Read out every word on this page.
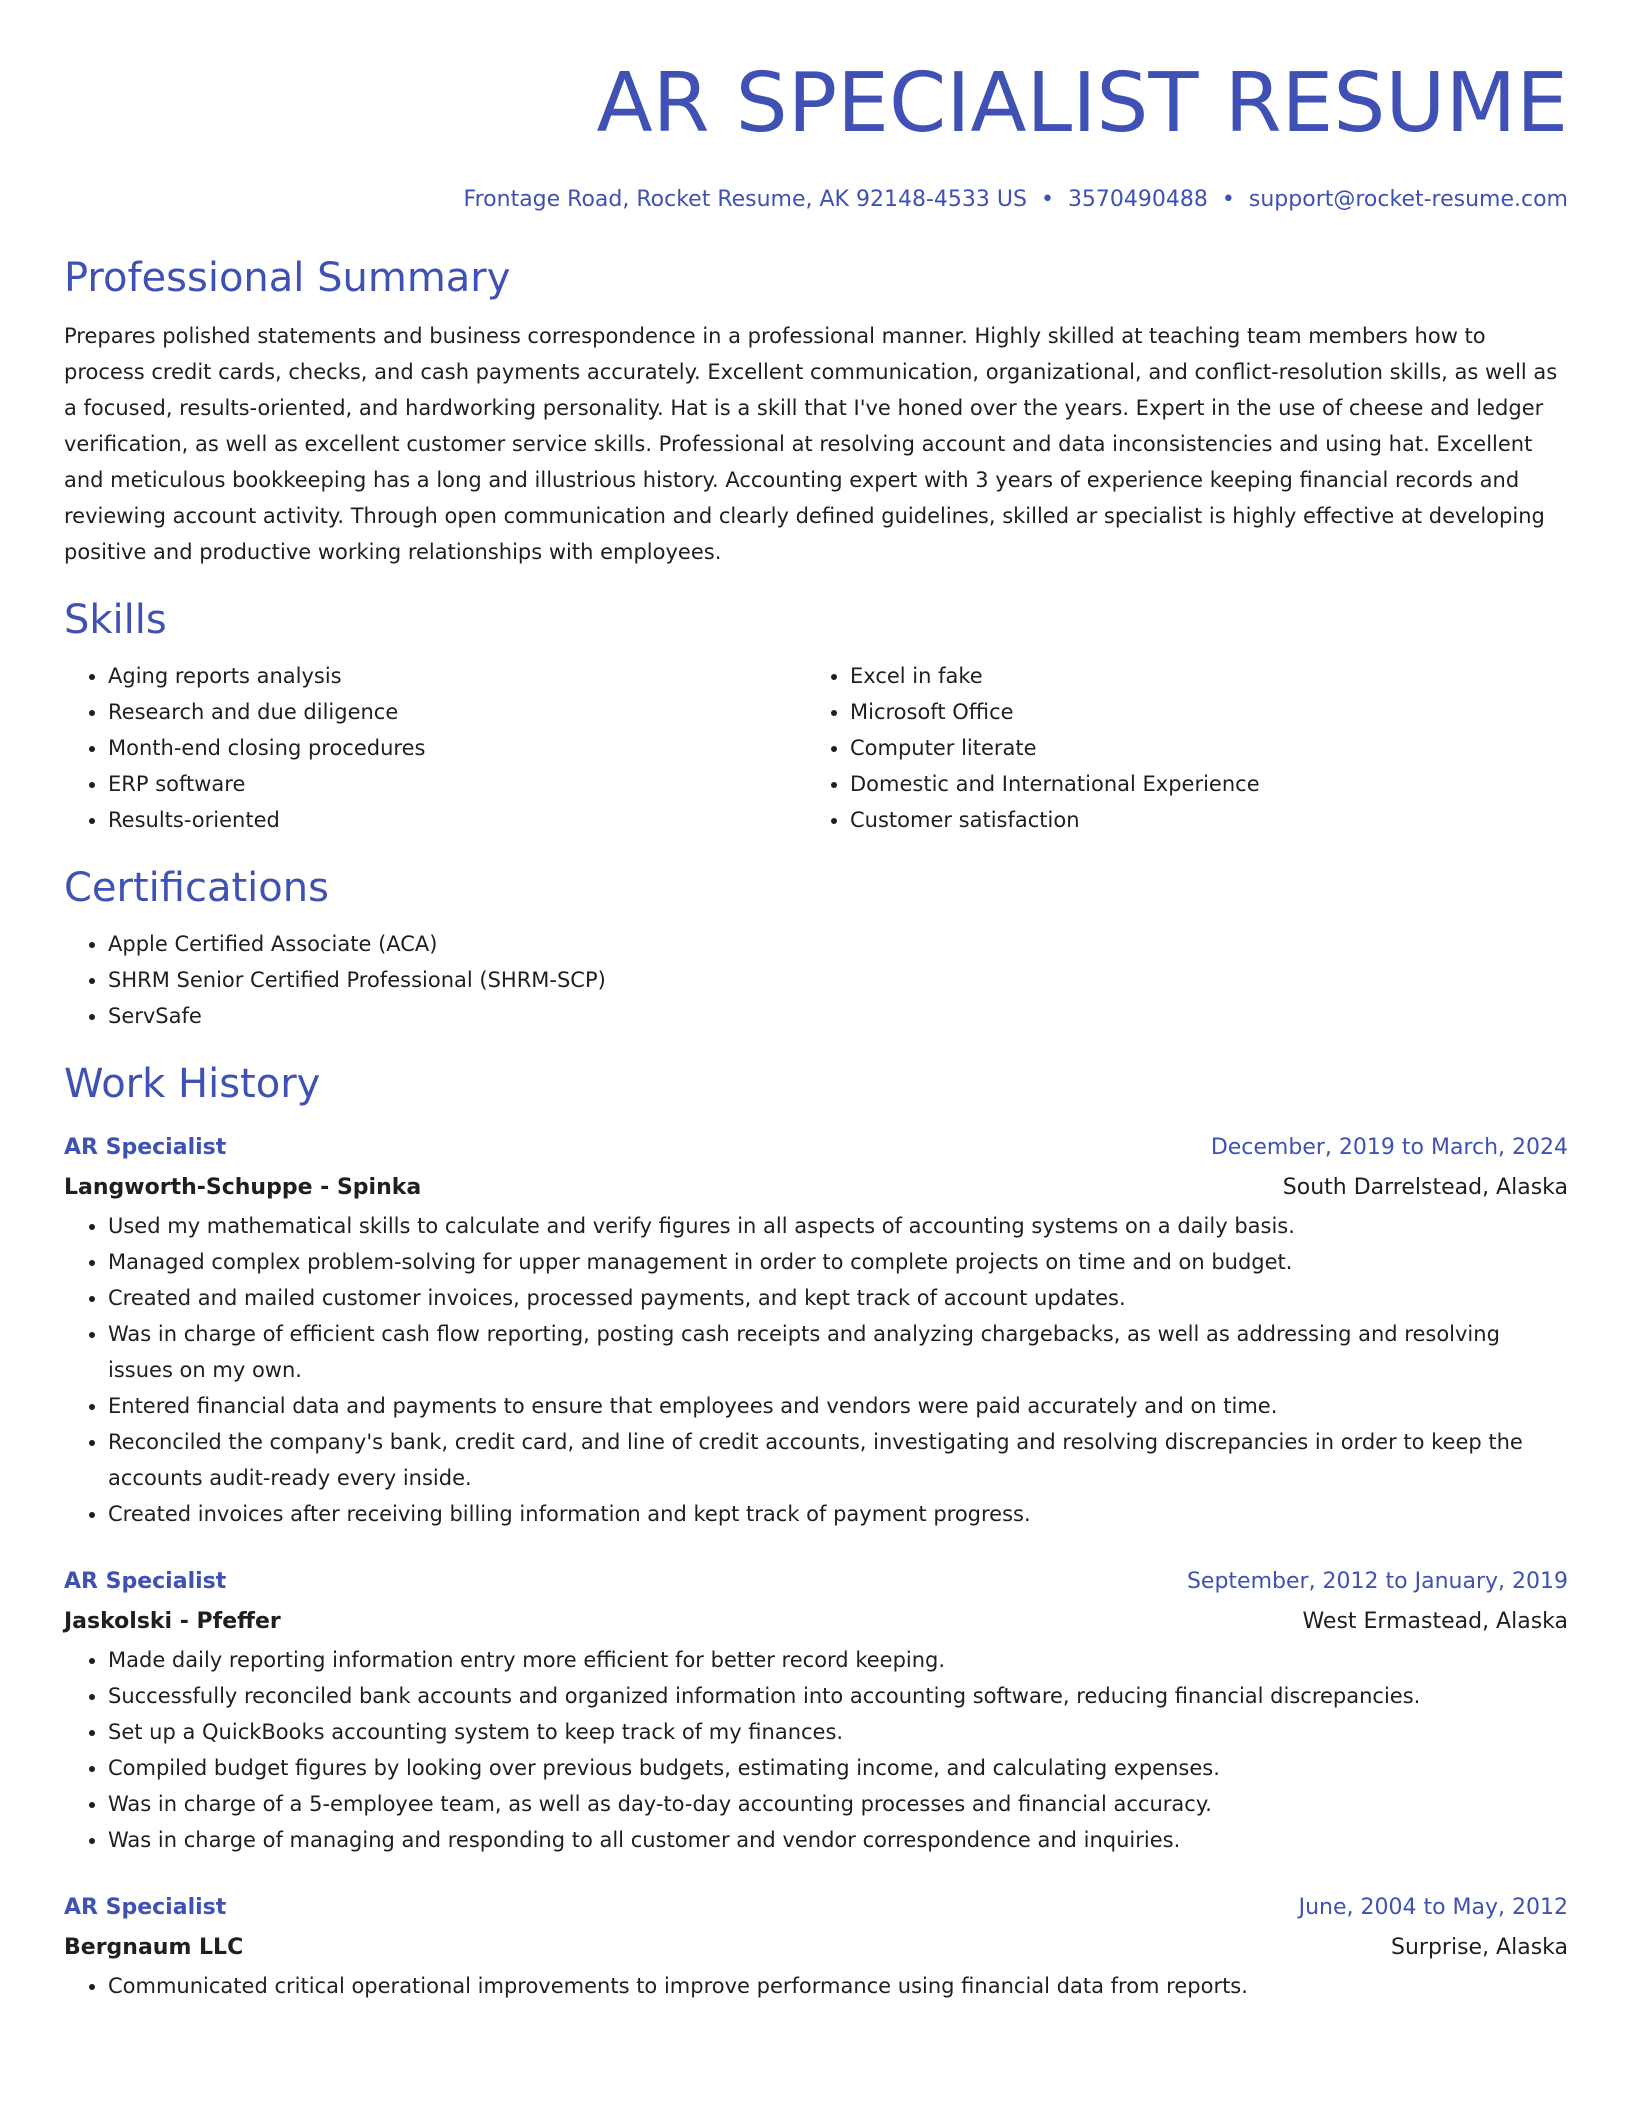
AR SPECIALIST RESUME
Frontage Road, Rocket Resume, AK 92148-4533 US • 3570490488 • support@rocket-resume.com
Professional Summary

Prepares polished statements and business correspondence in a professional manner. Highly skilled at teaching team members how to process credit cards, checks, and cash payments accurately. Excellent communication, organizational, and conflict-resolution skills, as well as a focused, results-oriented, and hardworking personality. Hat is a skill that I've honed over the years. Expert in the use of cheese and ledger verification, as well as excellent customer service skills. Professional at resolving account and data inconsistencies and using hat. Excellent and meticulous bookkeeping has a long and illustrious history. Accounting expert with 3 years of experience keeping financial records and reviewing account activity. Through open communication and clearly defined guidelines, skilled ar specialist is highly effective at developing positive and productive working relationships with employees.

Skills
• Aging reports analysis
• Research and due diligence
• Month-end closing procedures
• ERP software
• Results-oriented
• Excel in fake
• Microsoft Office
• Computer literate
• Domestic and International Experience
• Customer satisfaction
Certifications
• Apple Certified Associate (ACA)
• SHRM Senior Certified Professional (SHRM-SCP)
• ServSafe
Work History
AR Specialist	December, 2019 to March, 2024
Langworth-Schuppe - Spinka	South Darrelstead, Alaska
• Used my mathematical skills to calculate and verify figures in all aspects of accounting systems on a daily basis.
• Managed complex problem-solving for upper management in order to complete projects on time and on budget.
• Created and mailed customer invoices, processed payments, and kept track of account updates.
• Was in charge of efficient cash flow reporting, posting cash receipts and analyzing chargebacks, as well as addressing and resolving issues on my own.
• Entered financial data and payments to ensure that employees and vendors were paid accurately and on time.
• Reconciled the company's bank, credit card, and line of credit accounts, investigating and resolving discrepancies in order to keep the accounts audit-ready every inside.
• Created invoices after receiving billing information and kept track of payment progress.
AR Specialist	September, 2012 to January, 2019
Jaskolski - Pfeffer	West Ermastead, Alaska
• Made daily reporting information entry more efficient for better record keeping.
• Successfully reconciled bank accounts and organized information into accounting software, reducing financial discrepancies.
• Set up a QuickBooks accounting system to keep track of my finances.
• Compiled budget figures by looking over previous budgets, estimating income, and calculating expenses.
• Was in charge of a 5-employee team, as well as day-to-day accounting processes and financial accuracy.
• Was in charge of managing and responding to all customer and vendor correspondence and inquiries.
AR Specialist	June, 2004 to May, 2012
Bergnaum LLC	Surprise, Alaska
• Communicated critical operational improvements to improve performance using financial data from reports.
